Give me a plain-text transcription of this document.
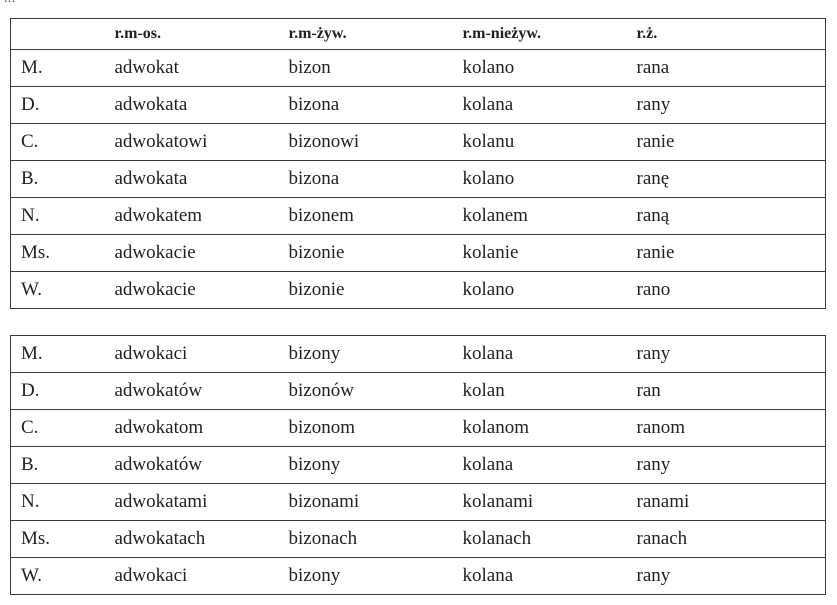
	r.m-os.	r.m-żyw.	r.m-nieżyw.	r.ż.
M.	adwokat	bizon	kolano	rana
D.	adwokata	bizona	kolana	rany
C.	adwokatowi	bizonowi	kolanu	ranie
B.	adwokata	bizona	kolano	ranę
N.	adwokatem	bizonem	kolanem	raną
Ms.	adwokacie	bizonie	kolanie	ranie
W.	adwokacie	bizonie	kolano	rano
M.	adwokaci	bizony	kolana	rany
D.	adwokatów	bizonów	kolan	ran
C.	adwokatom	bizonom	kolanom	ranom
B.	adwokatów	bizony	kolana	rany
N.	adwokatami	bizonami	kolanami	ranami
Ms.	adwokatach	bizonach	kolanach	ranach
W.	adwokaci	bizony	kolana	rany
